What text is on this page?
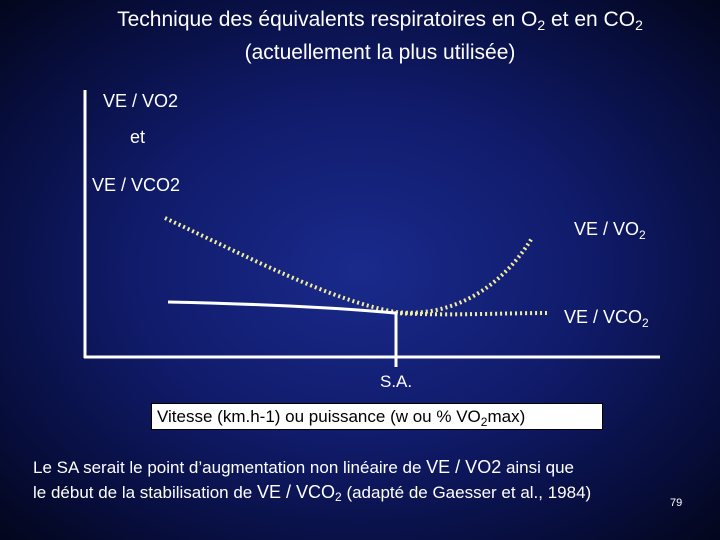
Technique des équivalents respiratoires en $O_2$ et en $CO_2$
(actuellement la plus utilisée)
VE / VO2
et
VE / VCO2
VE / $VO_2$
VE / $VCO_2$
S.A.
Vitesse (km.h-1) ou puissance (w ou % $VO_2\max$)
Le SA serait le point d’augmentation non linéaire de VE / VO2 ainsi que
le début de la stabilisation de VE / $VCO_2$ (adapté de Gaesser et al., 1984)
79
